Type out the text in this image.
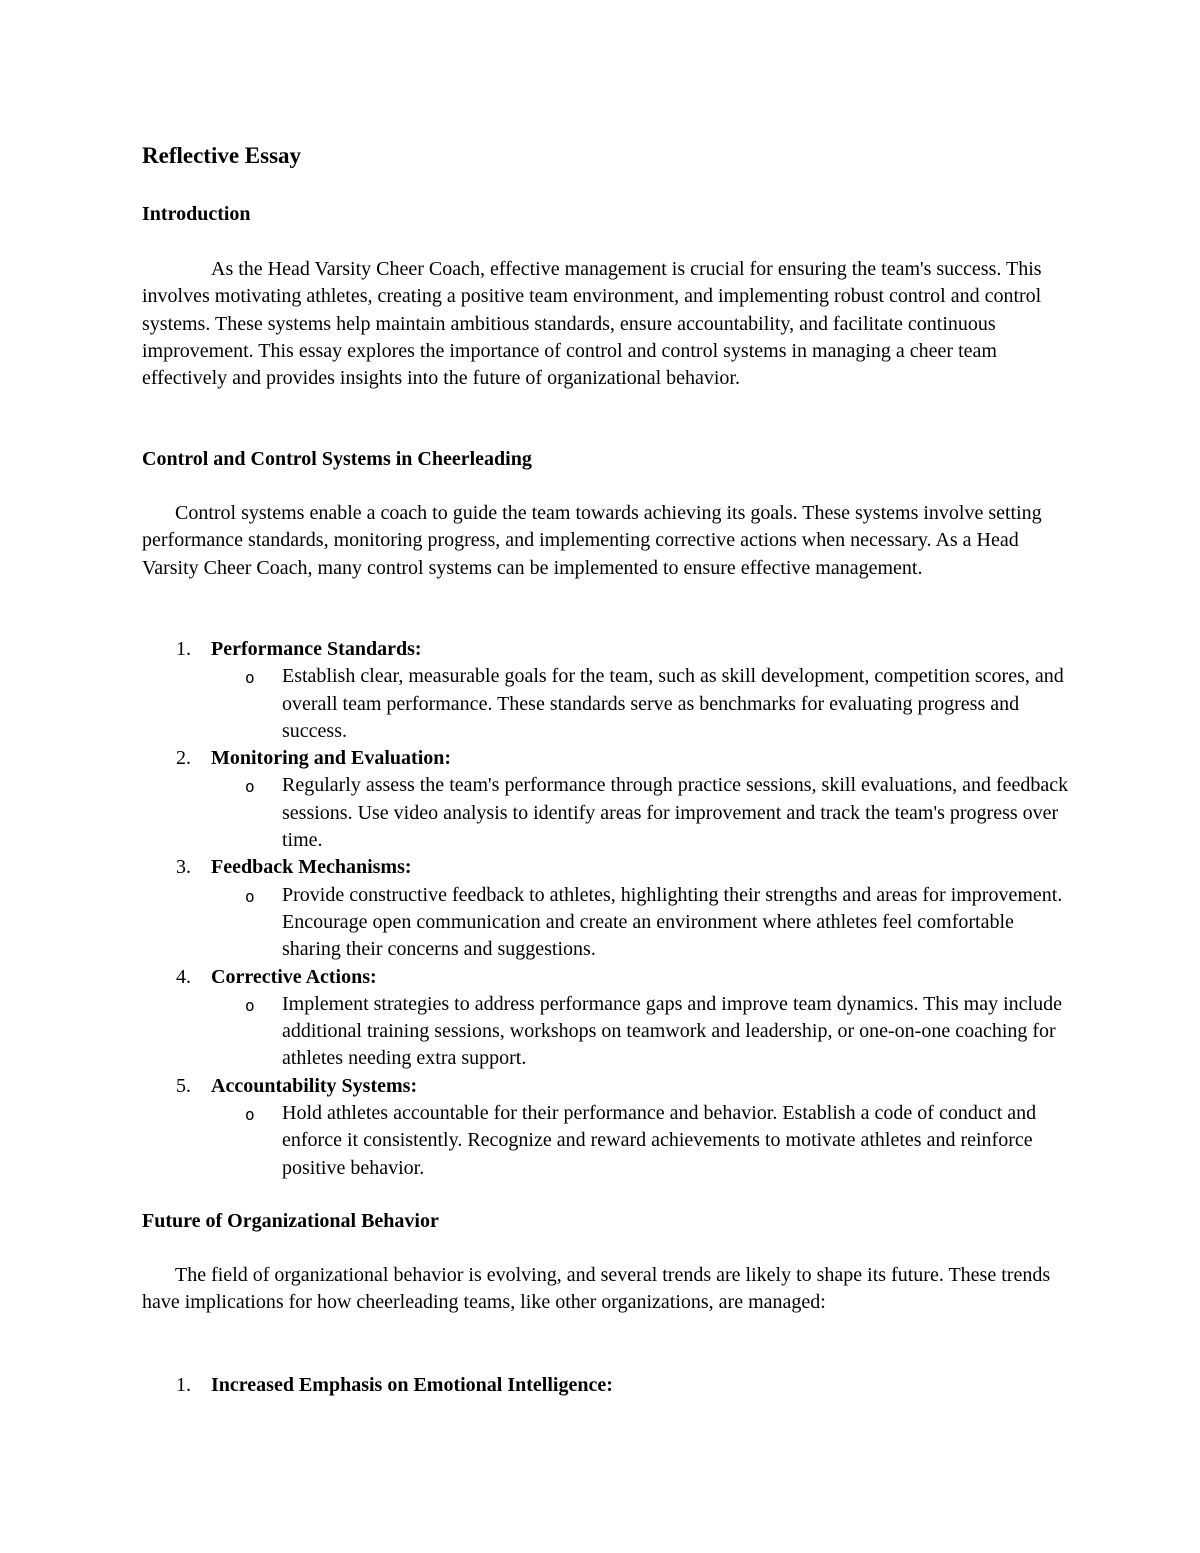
Reflective Essay
Introduction

As the Head Varsity Cheer Coach, effective management is crucial for ensuring the team's success. This involves motivating athletes, creating a positive team environment, and implementing robust control and control systems. These systems help maintain ambitious standards, ensure accountability, and facilitate continuous improvement. This essay explores the importance of control and control systems in managing a cheer team effectively and provides insights into the future of organizational behavior.

Control and Control Systems in Cheerleading

Control systems enable a coach to guide the team towards achieving its goals. These systems involve setting performance standards, monitoring progress, and implementing corrective actions when necessary. As a Head Varsity Cheer Coach, many control systems can be implemented to ensure effective management.

1.	Performance Standards:
o Establish clear, measurable goals for the team, such as skill development, competition scores, and overall team performance. These standards serve as benchmarks for evaluating progress and success.
2.	Monitoring and Evaluation:
o Regularly assess the team's performance through practice sessions, skill evaluations, and feedback sessions. Use video analysis to identify areas for improvement and track the team's progress over time.
3.	Feedback Mechanisms:
o Provide constructive feedback to athletes, highlighting their strengths and areas for improvement. Encourage open communication and create an environment where athletes feel comfortable sharing their concerns and suggestions.
4.	Corrective Actions:
o Implement strategies to address performance gaps and improve team dynamics. This may include additional training sessions, workshops on teamwork and leadership, or one-on-one coaching for athletes needing extra support.
5.	Accountability Systems:
o Hold athletes accountable for their performance and behavior. Establish a code of conduct and enforce it consistently. Recognize and reward achievements to motivate athletes and reinforce positive behavior.
Future of Organizational Behavior

The field of organizational behavior is evolving, and several trends are likely to shape its future. These trends have implications for how cheerleading teams, like other organizations, are managed:

1.	Increased Emphasis on Emotional Intelligence:
